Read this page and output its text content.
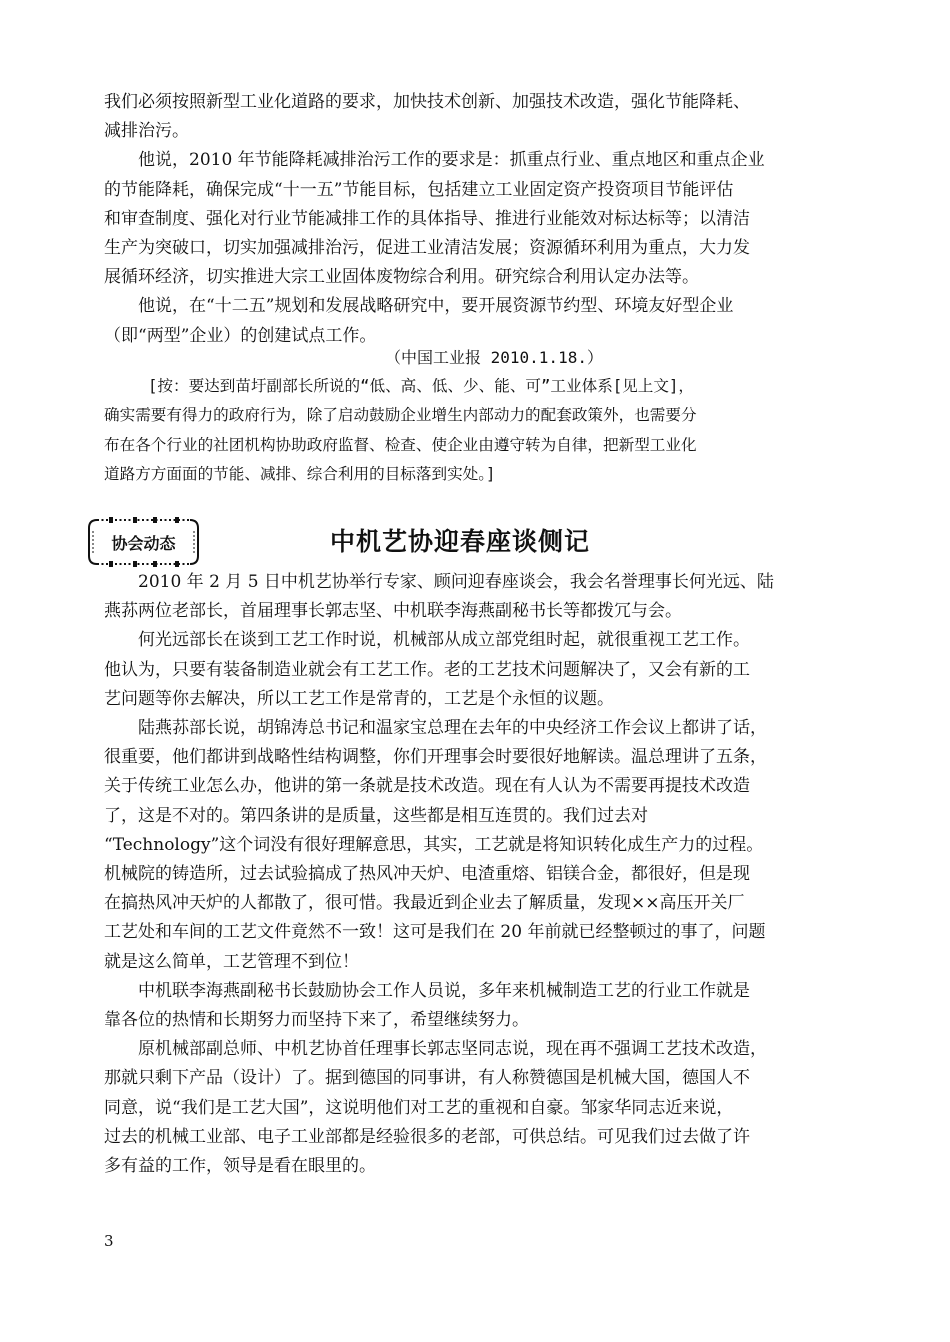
我们必须按照新型工业化道路的要求，加快技术创新、加强技术改造，强化节能降耗、
减排治污。
他说，2010 年节能降耗减排治污工作的要求是：抓重点行业、重点地区和重点企业
的节能降耗，确保完成“十一五”节能目标，包括建立工业固定资产投资项目节能评估
和审查制度、强化对行业节能减排工作的具体指导、推进行业能效对标达标等；以清洁
生产为突破口，切实加强减排治污，促进工业清洁发展；资源循环利用为重点，大力发
展循环经济，切实推进大宗工业固体废物综合利用。研究综合利用认定办法等。
他说，在“十二五”规划和发展战略研究中，要开展资源节约型、环境友好型企业
（即“两型”企业）的创建试点工作。
（中国工业报 2010.1.18.）
[按：要达到苗圩副部长所说的“低、高、低、少、能、可”工业体系[见上文]，
确实需要有得力的政府行为，除了启动鼓励企业增生内部动力的配套政策外，也需要分
布在各个行业的社团机构协助政府监督、检查、使企业由遵守转为自律，把新型工业化
道路方方面面的节能、减排、综合利用的目标落到实处。]
协会动态	中机艺协迎春座谈侧记
2010 年 2 月 5 日中机艺协举行专家、顾问迎春座谈会，我会名誉理事长何光远、陆
燕荪两位老部长，首届理事长郭志坚、中机联李海燕副秘书长等都拨冗与会。
何光远部长在谈到工艺工作时说，机械部从成立部党组时起，就很重视工艺工作。
他认为，只要有装备制造业就会有工艺工作。老的工艺技术问题解决了，又会有新的工
艺问题等你去解决，所以工艺工作是常青的，工艺是个永恒的议题。
陆燕荪部长说，胡锦涛总书记和温家宝总理在去年的中央经济工作会议上都讲了话，
很重要，他们都讲到战略性结构调整，你们开理事会时要很好地解读。温总理讲了五条，
关于传统工业怎么办，他讲的第一条就是技术改造。现在有人认为不需要再提技术改造
了，这是不对的。第四条讲的是质量，这些都是相互连贯的。我们过去对
“Technology”这个词没有很好理解意思，其实，工艺就是将知识转化成生产力的过程。
机械院的铸造所，过去试验搞成了热风冲天炉、电渣重熔、铝镁合金，都很好，但是现
在搞热风冲天炉的人都散了，很可惜。我最近到企业去了解质量，发现××高压开关厂
工艺处和车间的工艺文件竟然不一致！这可是我们在 20 年前就已经整顿过的事了，问题
就是这么简单，工艺管理不到位！
中机联李海燕副秘书长鼓励协会工作人员说，多年来机械制造工艺的行业工作就是
靠各位的热情和长期努力而坚持下来了，希望继续努力。
原机械部副总师、中机艺协首任理事长郭志坚同志说，现在再不强调工艺技术改造，
那就只剩下产品（设计）了。据到德国的同事讲，有人称赞德国是机械大国，德国人不
同意，说“我们是工艺大国”，这说明他们对工艺的重视和自豪。邹家华同志近来说，
过去的机械工业部、电子工业部都是经验很多的老部，可供总结。可见我们过去做了许
多有益的工作，领导是看在眼里的。
3
